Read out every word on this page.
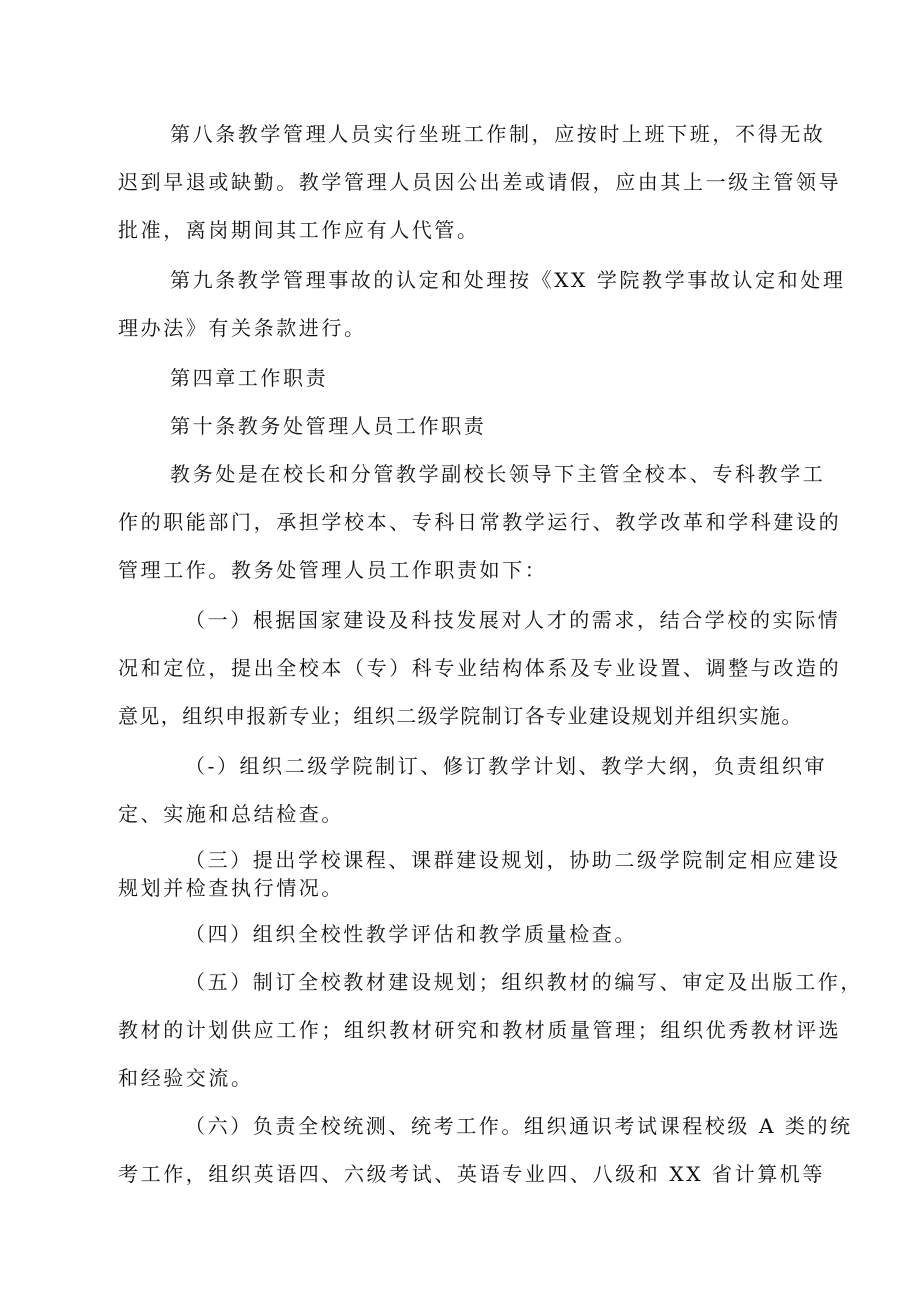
第八条教学管理人员实行坐班工作制，应按时上班下班，不得无故
迟到早退或缺勤。教学管理人员因公出差或请假，应由其上一级主管领导
批准，离岗期间其工作应有人代管。
第九条教学管理事故的认定和处理按《XX 学院教学事故认定和处理
理办法》有关条款进行。
第四章工作职责
第十条教务处管理人员工作职责
教务处是在校长和分管教学副校长领导下主管全校本、专科教学工
作的职能部门，承担学校本、专科日常教学运行、教学改革和学科建设的
管理工作。教务处管理人员工作职责如下：
（一）根据国家建设及科技发展对人才的需求，结合学校的实际情
况和定位，提出全校本（专）科专业结构体系及专业设置、调整与改造的
意见，组织申报新专业；组织二级学院制订各专业建设规划并组织实施。
（-）组织二级学院制订、修订教学计划、教学大纲，负责组织审
定、实施和总结检查。
（三）提出学校课程、课群建设规划，协助二级学院制定相应建设
规划并检查执行情况。
（四）组织全校性教学评估和教学质量检查。
（五）制订全校教材建设规划；组织教材的编写、审定及出版工作，
教材的计划供应工作；组织教材研究和教材质量管理；组织优秀教材评选
和经验交流。
（六）负责全校统测、统考工作。组织通识考试课程校级 A 类的统
考工作，组织英语四、六级考试、英语专业四、八级和 XX 省计算机等
